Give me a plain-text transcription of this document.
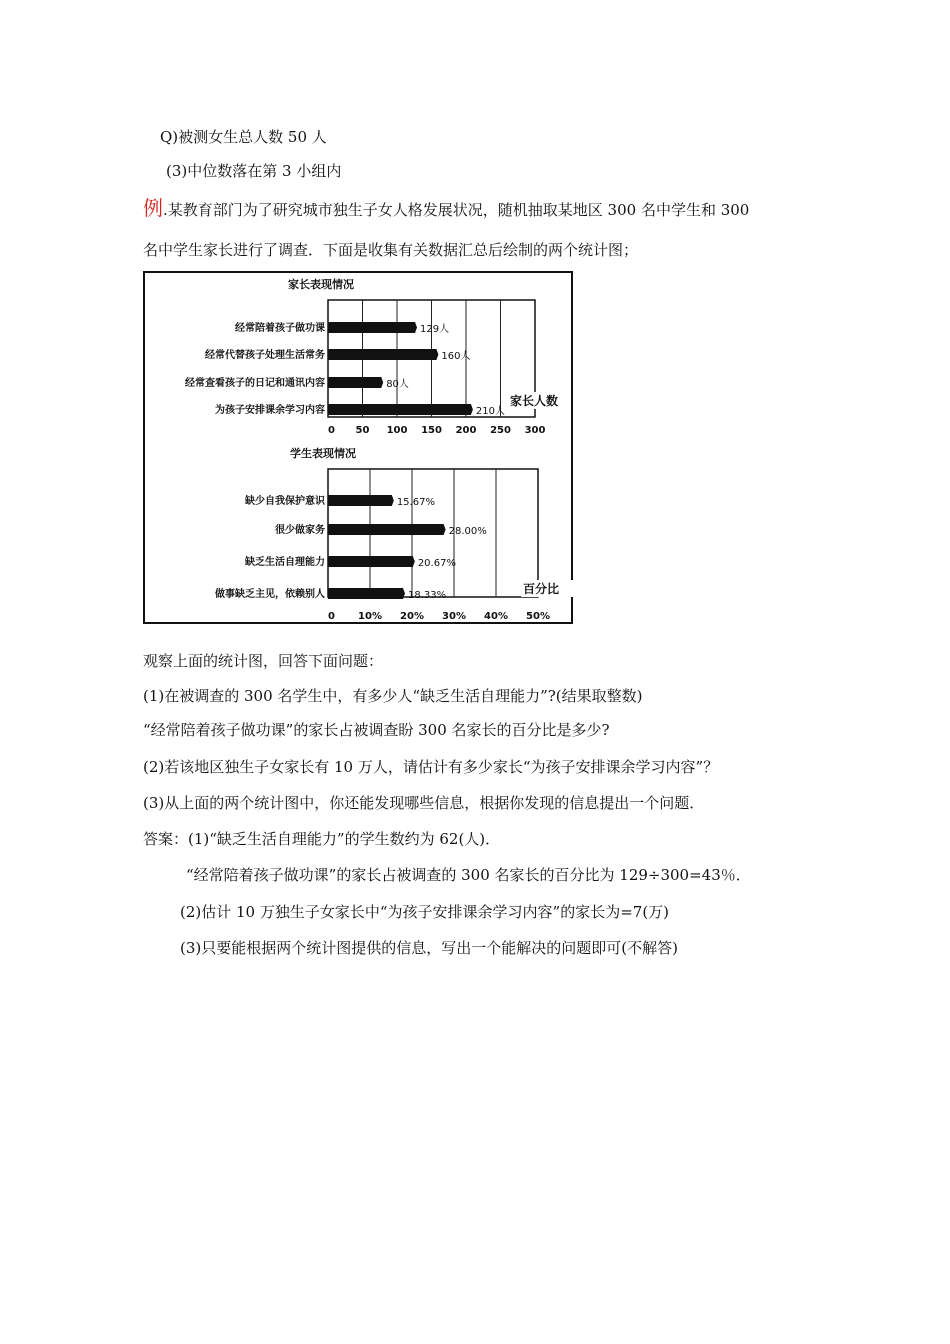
Q)被测女生总人数 50 人
(3)中位数落在第 3 小组内
例.某教育部门为了研究城市独生子女人格发展状况，随机抽取某地区 300 名中学生和 300
名中学生家长进行了调查．下面是收集有关数据汇总后绘制的两个统计图；
家长表现情况
0 50 100 150 200 250 300
经常陪着孩子做功课	129人
经常代替孩子处理生活常务	160人
经常查看孩子的日记和通讯内容	80人
为孩子安排课余学习内容	210人
家长人数
学生表现情况
0 10% 20% 30% 40% 50%
缺少自我保护意识	15.67%
很少做家务	28.00%
缺乏生活自理能力	20.67%
做事缺乏主见，依赖别人	18.33%	百分比
观察上面的统计图，回答下面问题：
(1)在被调查的 300 名学生中，有多少人“缺乏生活自理能力”?(结果取整数)
“经常陪着孩子做功课”的家长占被调查盼 300 名家长的百分比是多少?
(2)若该地区独生子女家长有 10 万人，请估计有多少家长“为孩子安排课余学习内容”？
(3)从上面的两个统计图中，你还能发现哪些信息，根据你发现的信息提出一个问题．
答案：(1)“缺乏生活自理能力”的学生数约为 62(人)．
“经常陪着孩子做功课”的家长占被调查的 300 名家长的百分比为 129÷300=43％．
(2)估计 10 万独生子女家长中“为孩子安排课余学习内容”的家长为=7(万)
(3)只要能根据两个统计图提供的信息，写出一个能解决的问题即可(不解答)
